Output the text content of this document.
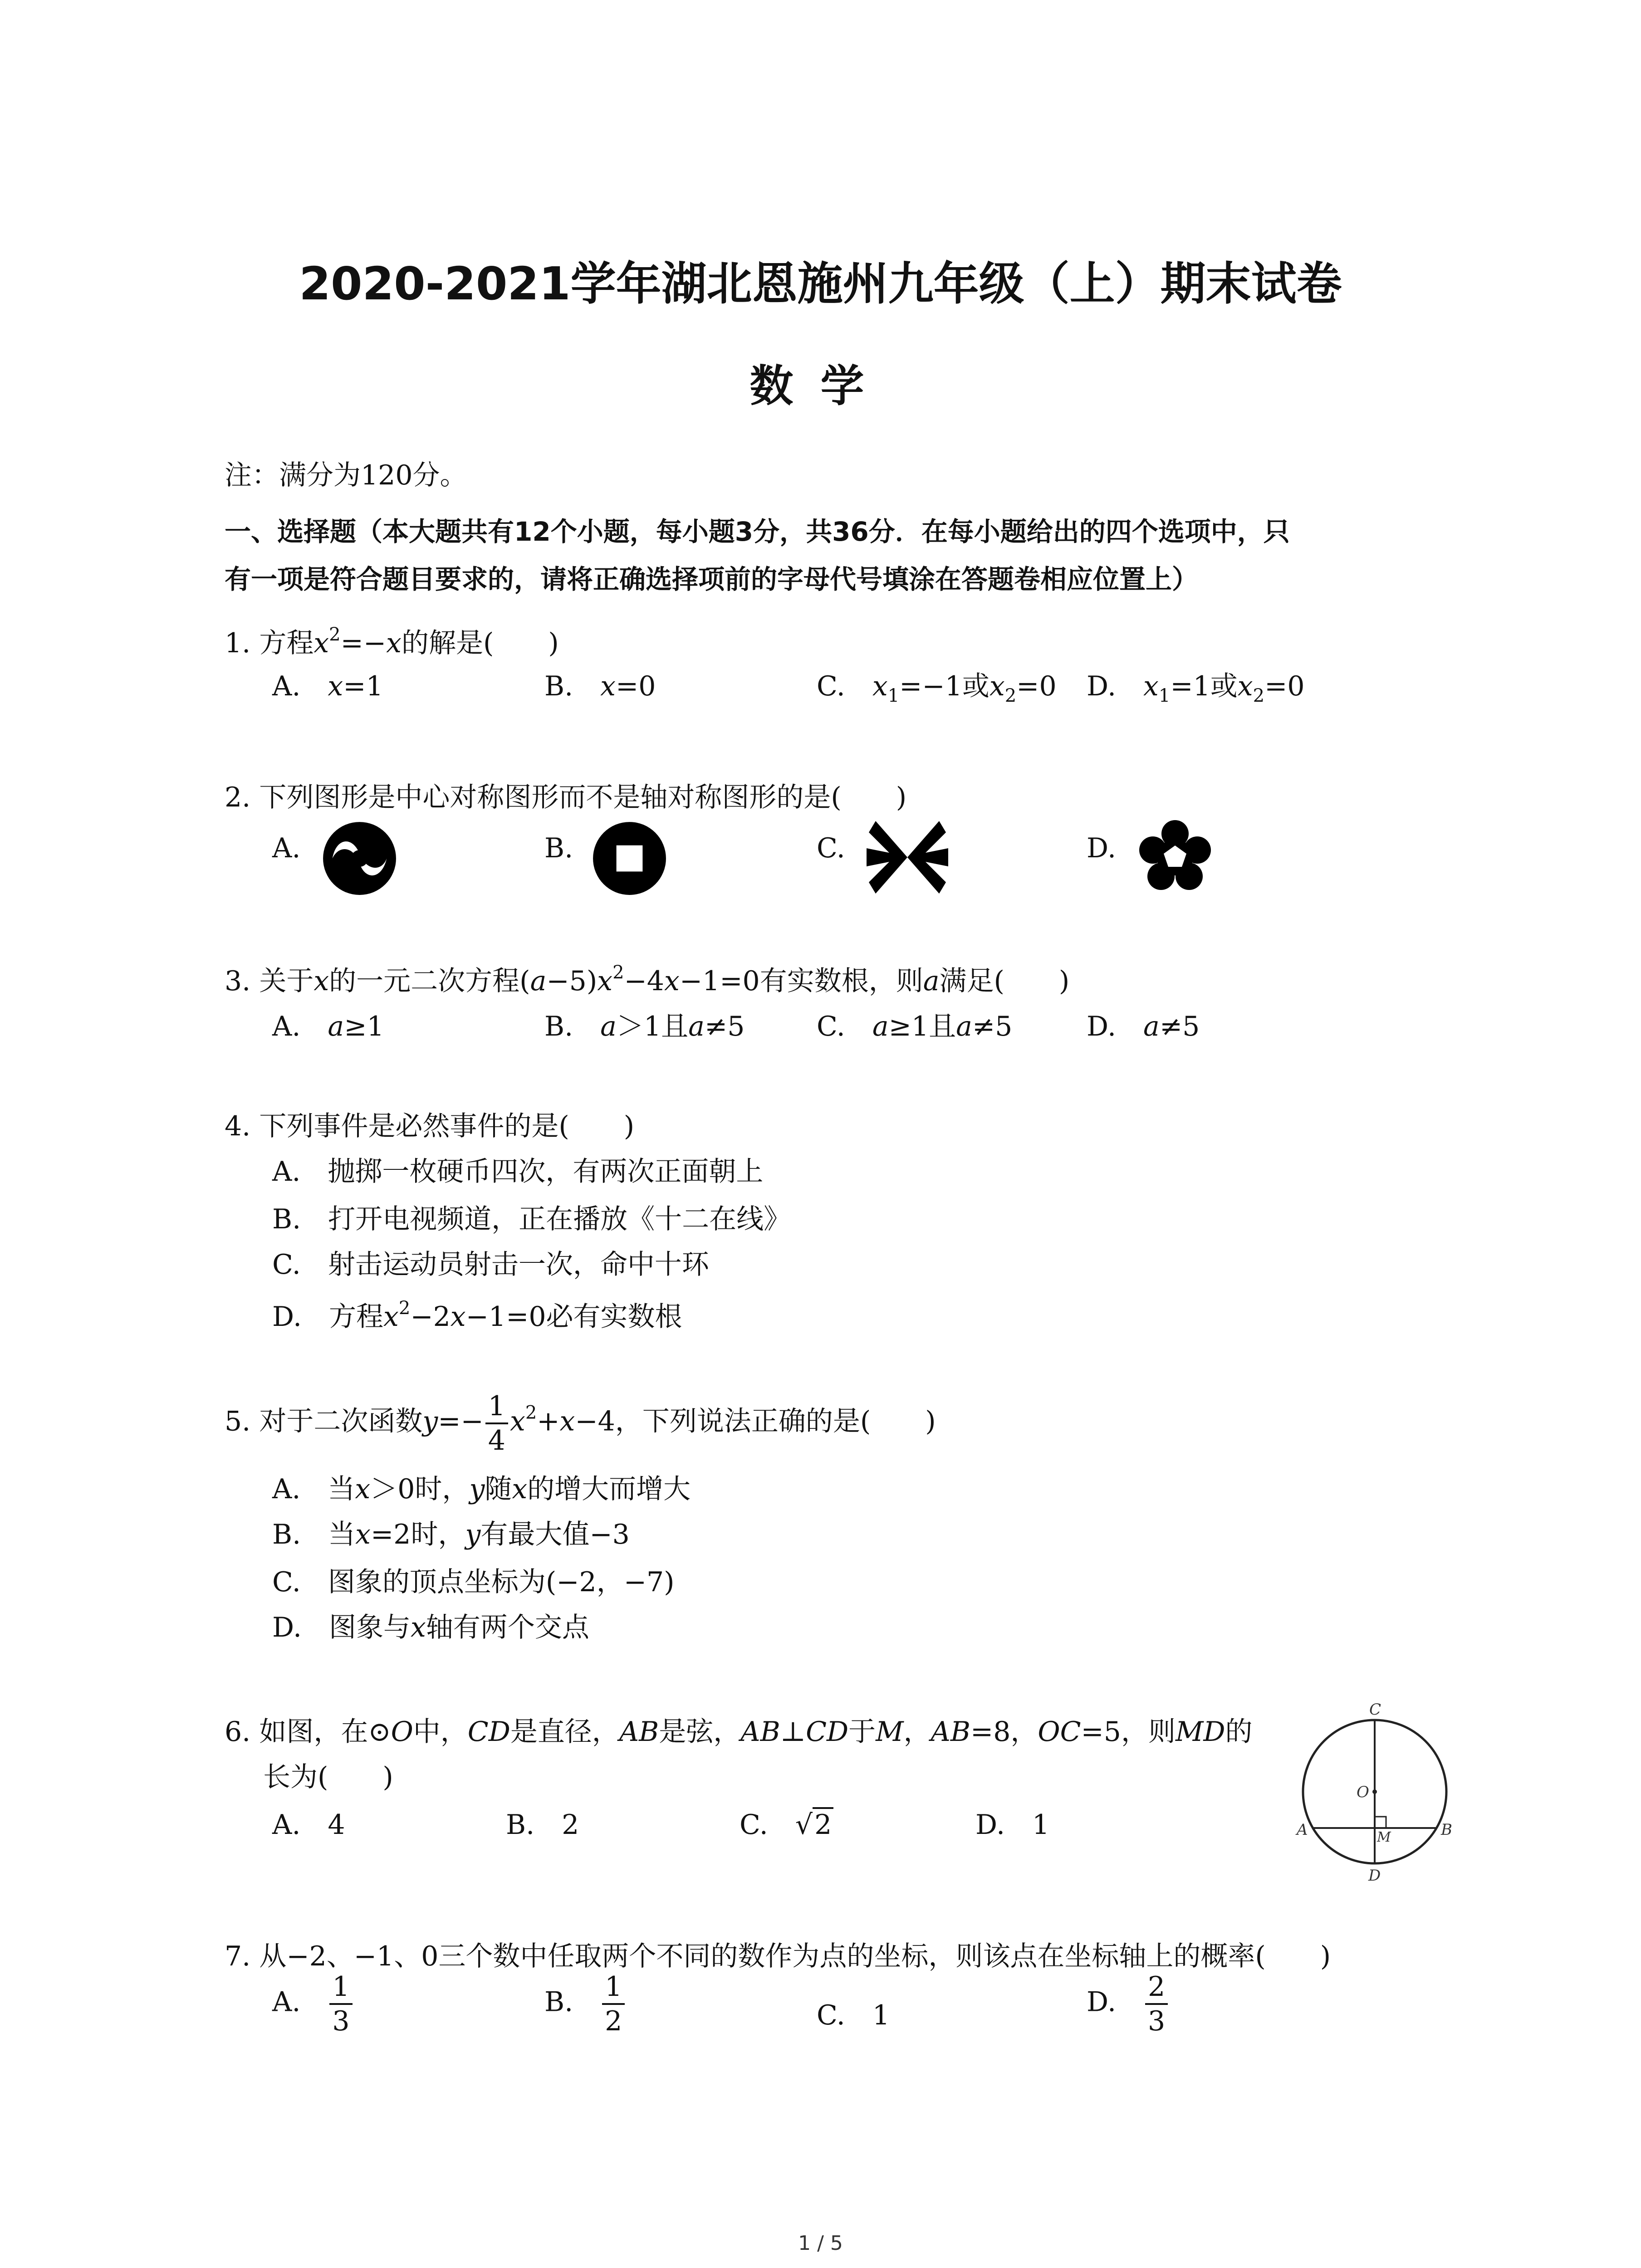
2020-2021学年湖北恩施州九年级（上）期末试卷
数学
注：满分为120分。
一、选择题（本大题共有12个小题，每小题3分，共36分．在每小题给出的四个选项中，只
有一项是符合题目要求的，请将正确选择项前的字母代号填涂在答题卷相应位置上）
1. 方程$x^2=-x$的解是(　　)
A.　 x=1	B.　 x=0	C.　 $x_1=-1$或$x_2=0$ D.　 $x_1=1$或$x_2=0$
2. 下列图形是中心对称图形而不是轴对称图形的是(　　)
A.	B.	C.	D.
3. 关于x的一元二次方程$(a-5)x^2-4x-1=0$有实数根，则a满足(　　)
A.　 a≥1	B.　 a＞1且a≠5	C.　 a≥1且a≠5	D.　 a≠5
4. 下列事件是必然事件的是(　　)
A.　抛掷一枚硬币四次，有两次正面朝上
B.　打开电视频道，正在播放《十二在线》
C.　射击运动员射击一次，命中十环
D.　方程$x^2-2x-1=0$必有实数根
5. 对于二次函数$y=- \frac{1}{4} x^2+x-4$，下列说法正确的是(　　)
A.　当x＞0时，y随x的增大而增大
B.　当x=2时，y有最大值−3
C.　图象的顶点坐标为(−2，−7)
D.　图象与x轴有两个交点
6. 如图，在⊙O中，CD是直径，AB是弦，AB⊥CD于M，AB=8，OC=5，则MD的
长为(　　)
A.　4	B.　2	C.　 √2	D.　1
C
O
A	M	B
D
7. 从−2、−1、0三个数中任取两个不同的数作为点的坐标，则该点在坐标轴上的概率(　　)
A.　 $\frac{1}{3}$	B.　 $\frac{1}{2}$	C.　1	D.　 $\frac{2}{3}$
1 / 5
